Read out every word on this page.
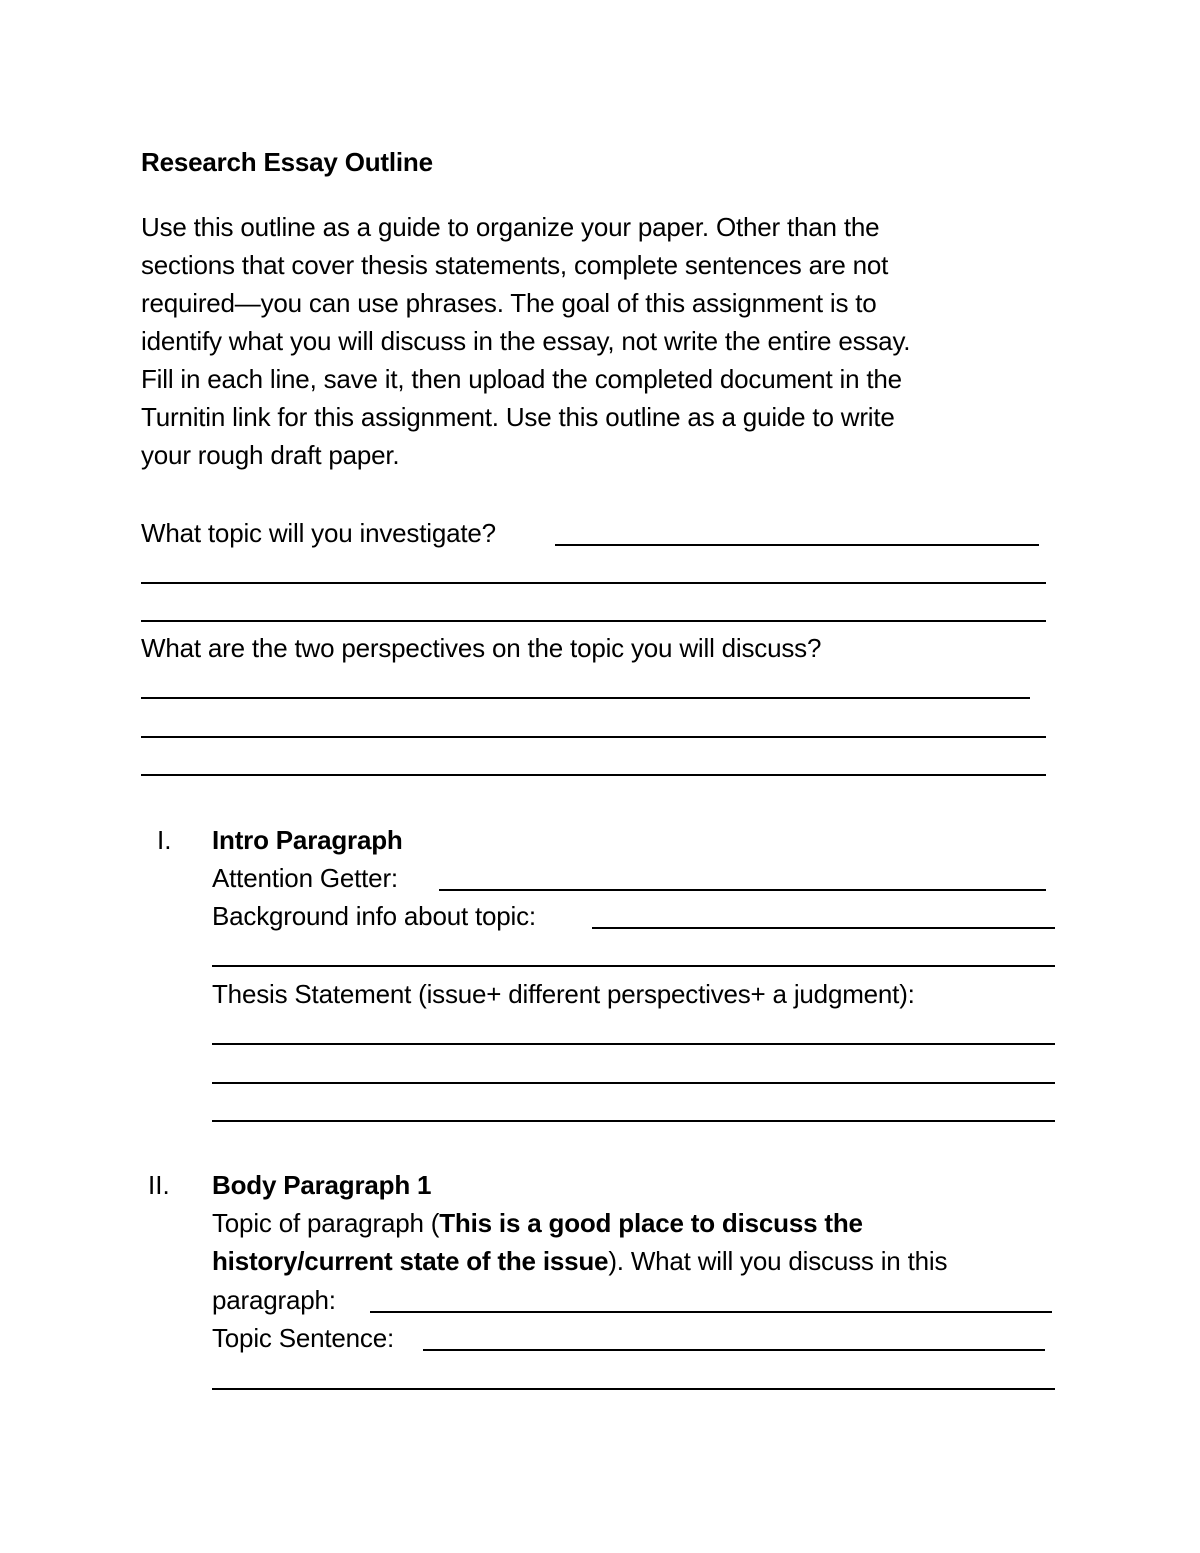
Research Essay Outline
Use this outline as a guide to organize your paper. Other than the
sections that cover thesis statements, complete sentences are not
required—you can use phrases. The goal of this assignment is to
identify what you will discuss in the essay, not write the entire essay.
Fill in each line, save it, then upload the completed document in the
Turnitin link for this assignment. Use this outline as a guide to write
your rough draft paper.
What topic will you investigate?
What are the two perspectives on the topic you will discuss?
I. Intro Paragraph
Attention Getter:
Background info about topic:
Thesis Statement (issue+ different perspectives+ a judgment):
II. Body Paragraph 1
Topic of paragraph (This is a good place to discuss the
history/current state of the issue). What will you discuss in this
paragraph:
Topic Sentence:
